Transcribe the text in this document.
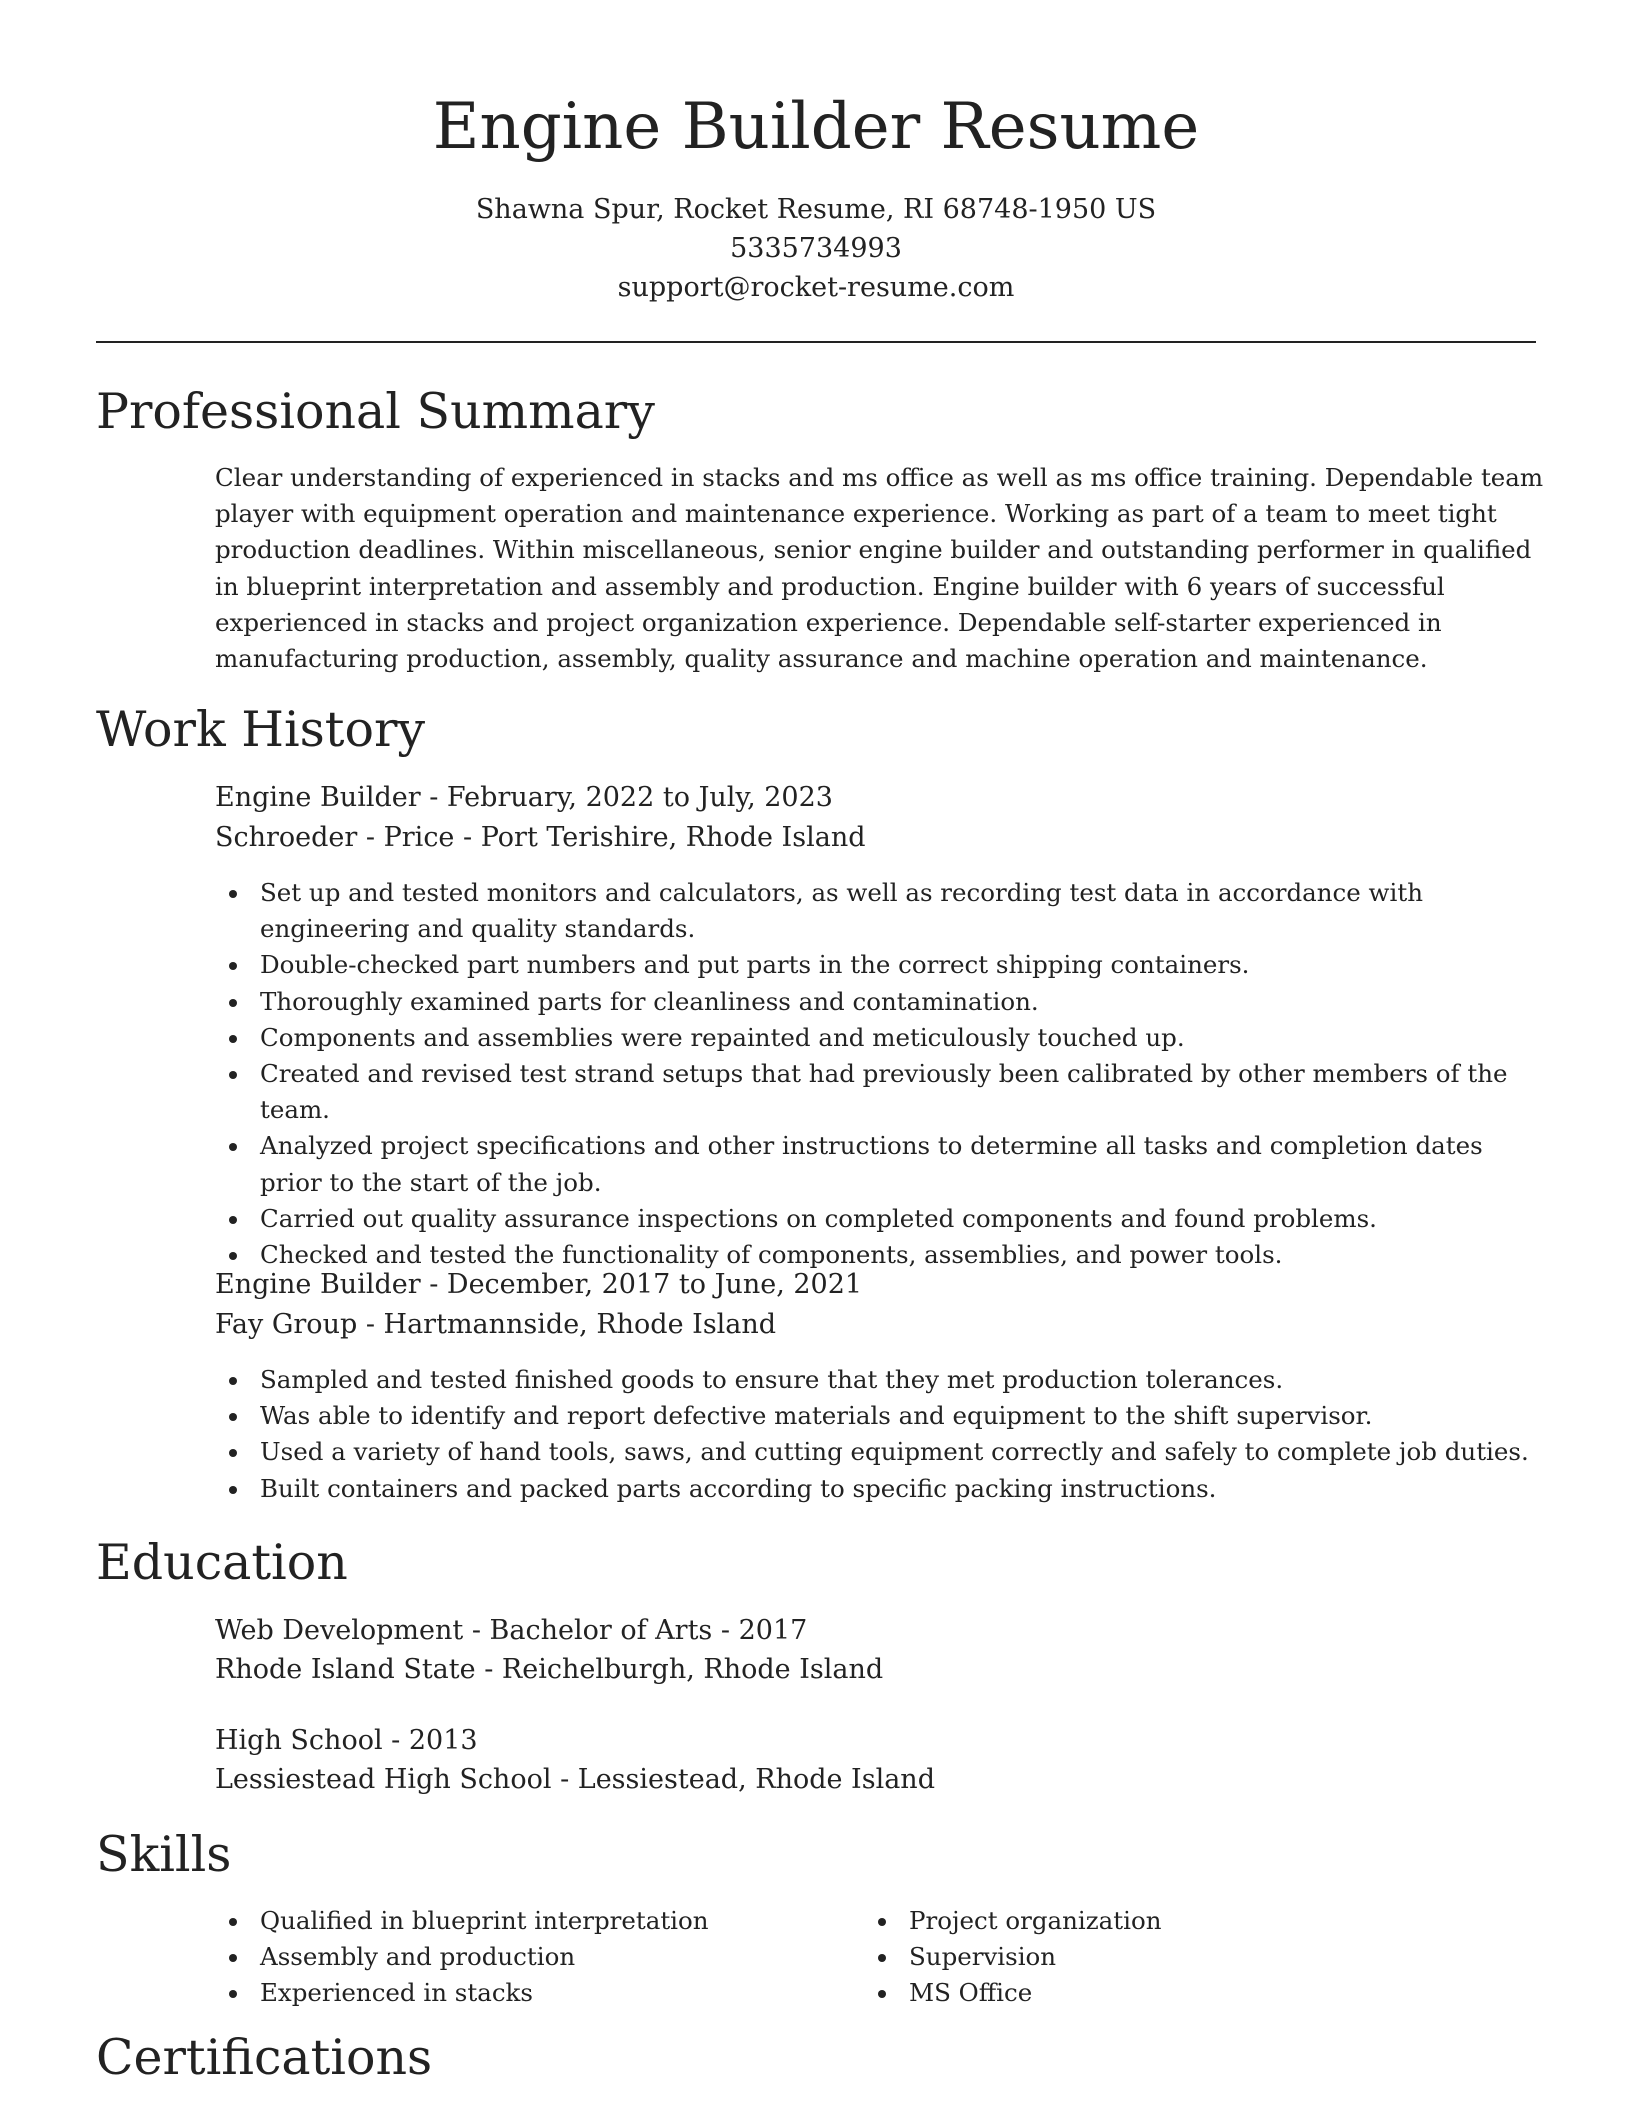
Engine Builder Resume
Shawna Spur, Rocket Resume, RI 68748-1950 US
5335734993
support@rocket-resume.com
Professional Summary

Clear understanding of experienced in stacks and ms office as well as ms office training. Dependable team player with equipment operation and maintenance experience. Working as part of a team to meet tight production deadlines. Within miscellaneous, senior engine builder and outstanding performer in qualified in blueprint interpretation and assembly and production. Engine builder with 6 years of successful experienced in stacks and project organization experience. Dependable self-starter experienced in manufacturing production, assembly, quality assurance and machine operation and maintenance.

Work History
Engine Builder - February, 2022 to July, 2023
Schroeder - Price - Port Terishire, Rhode Island
Set up and tested monitors and calculators, as well as recording test data in accordance with engineering and quality standards.
Double-checked part numbers and put parts in the correct shipping containers.
Thoroughly examined parts for cleanliness and contamination.
Components and assemblies were repainted and meticulously touched up.
Created and revised test strand setups that had previously been calibrated by other members of the team.
Analyzed project specifications and other instructions to determine all tasks and completion dates prior to the start of the job.
Carried out quality assurance inspections on completed components and found problems.
Checked and tested the functionality of components, assemblies, and power tools.
Engine Builder - December, 2017 to June, 2021
Fay Group - Hartmannside, Rhode Island
Sampled and tested finished goods to ensure that they met production tolerances.
Was able to identify and report defective materials and equipment to the shift supervisor.
Used a variety of hand tools, saws, and cutting equipment correctly and safely to complete job duties.
Built containers and packed parts according to specific packing instructions.
Education
Web Development - Bachelor of Arts - 2017
Rhode Island State - Reichelburgh, Rhode Island
High School - 2013
Lessiestead High School - Lessiestead, Rhode Island
Skills
Qualified in blueprint interpretation
Assembly and production
Experienced in stacks
Project organization
Supervision
MS Office
Certifications
